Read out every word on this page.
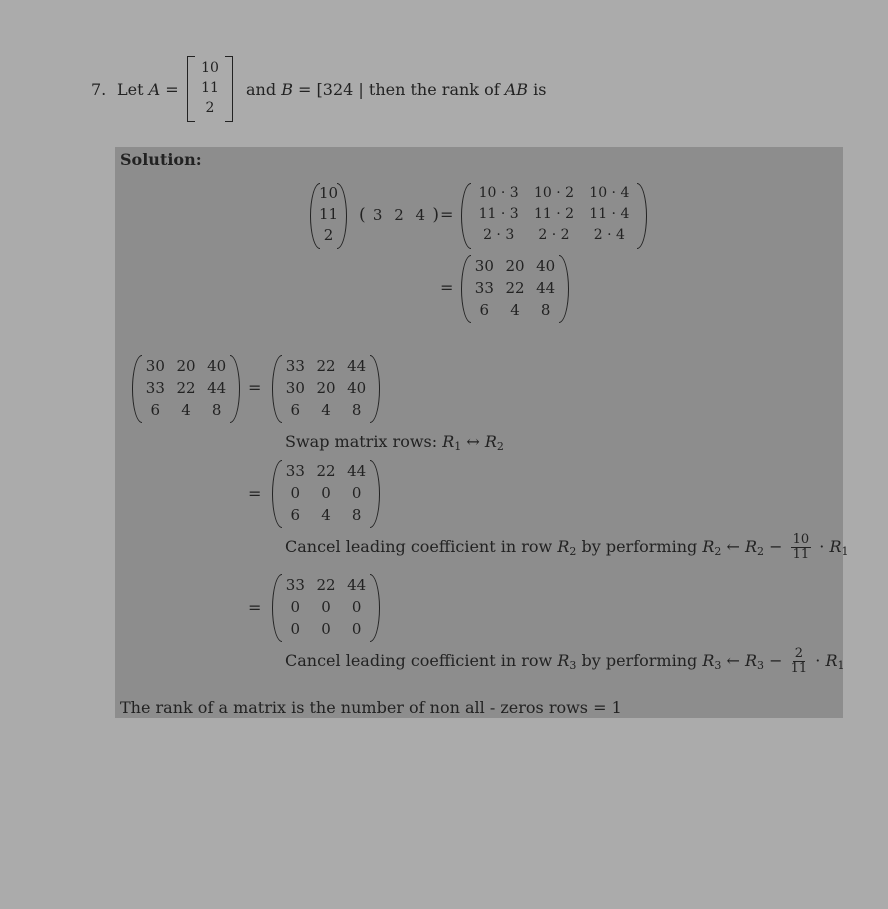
7. Let A =
10
11
2
and B = [324 | then the rank of AB is
Solution:
10
11
2
( 3 2 4 ) =
10 · 3	10 · 2	10 · 4
11 · 3	11 · 2	11 · 4
2 · 3	2 · 2	2 · 4
=
30 20 40
33 22 44
6	4	8
30 20 40
33 22 44
6	4	8
=
33 22 44
30 20 40
6	4	8
Swap matrix rows: $R_1$ ↔ $R_2$
=
33 22 44
0	0	0
6	4	8
Cancel leading coefficient in row $R_2$ by performing $R_2$ ← $R_2 - \frac{10}{11} \cdot R_1$
=
33 22 44
0	0	0
0	0	0
Cancel leading coefficient in row $R_3$ by performing $R_3$ ← $R_3 - \frac{2}{11} \cdot R_1$
The rank of a matrix is the number of non all - zeros rows = 1
